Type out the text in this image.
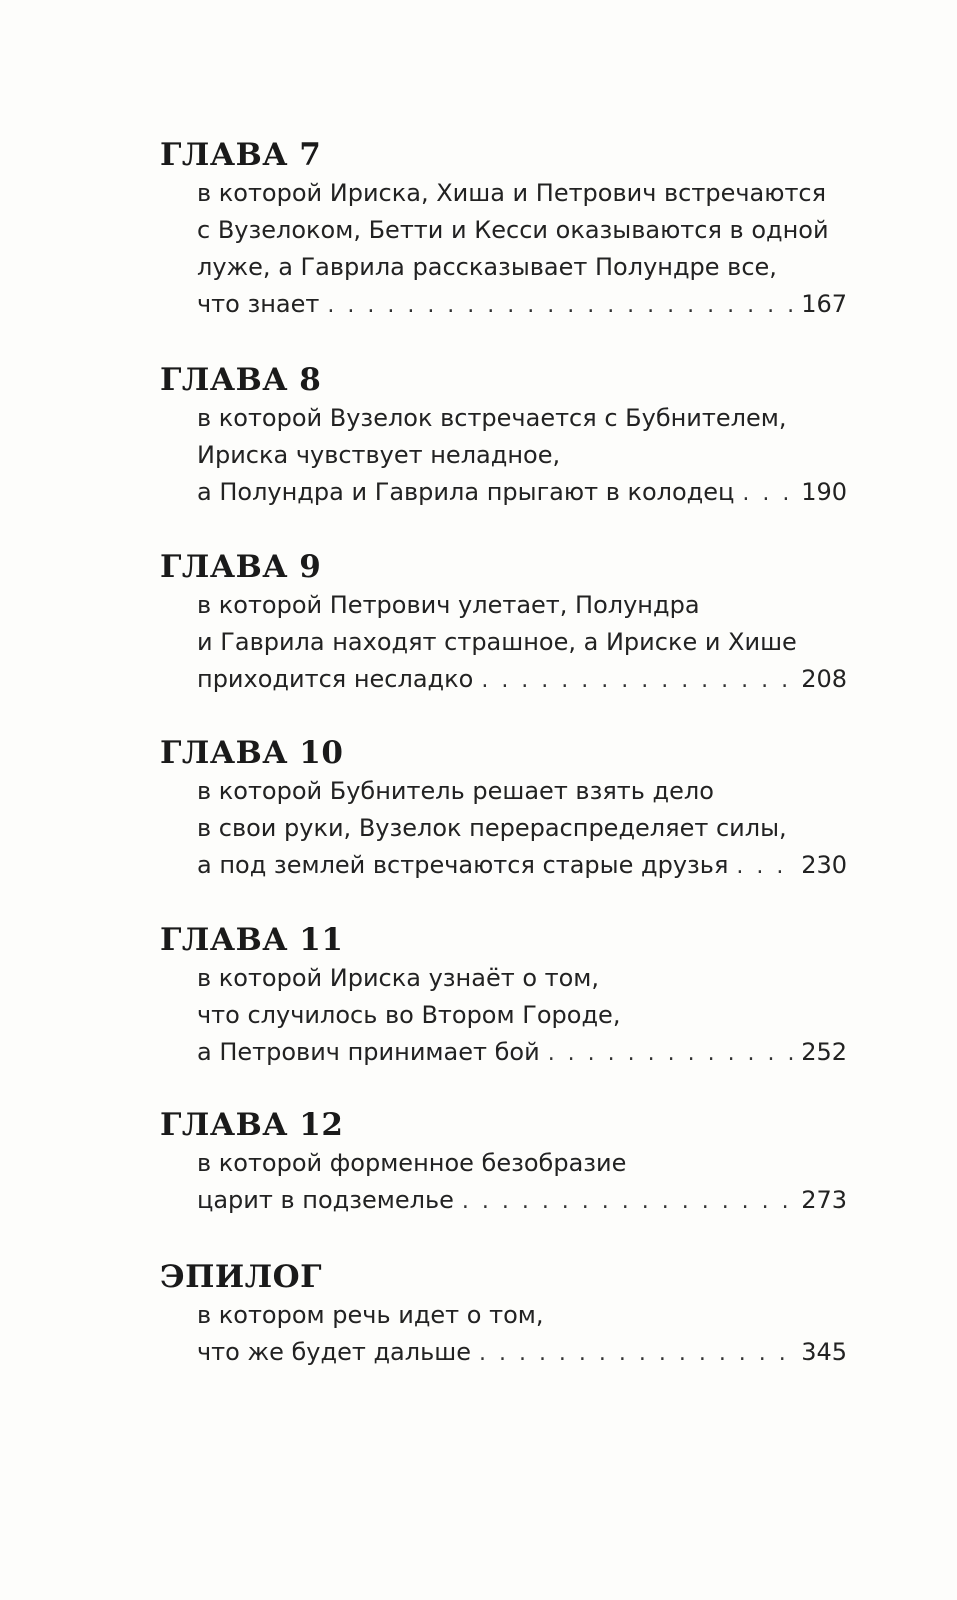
ГЛАВА 7
в которой Ириска, Хиша и Петрович встречаются
с Вузелоком, Бетти и Кесси оказываются в одной
луже, а Гаврила рассказывает Полундре все,
что знает . . .	167
ГЛАВА 8
в которой Вузелок встречается с Бубнителем,
Ириска чувствует неладное,
а Полундра и Гаврила прыгают в колодец . . .	190
ГЛАВА 9
в которой Петрович улетает, Полундра
и Гаврила находят страшное, а Ириске и Хише
приходится несладко . . .	208
ГЛАВА 10
в которой Бубнитель решает взять дело
в свои руки, Вузелок перераспределяет силы,
а под землей встречаются старые друзья . . .	230
ГЛАВА 11
в которой Ириска узнаёт о том,
что случилось во Втором Городе,
а Петрович принимает бой . . .	252
ГЛАВА 12
в которой форменное безобразие
царит в подземелье . . .	273
ЭПИЛОГ
в котором речь идет о том,
что же будет дальше . . .	345
